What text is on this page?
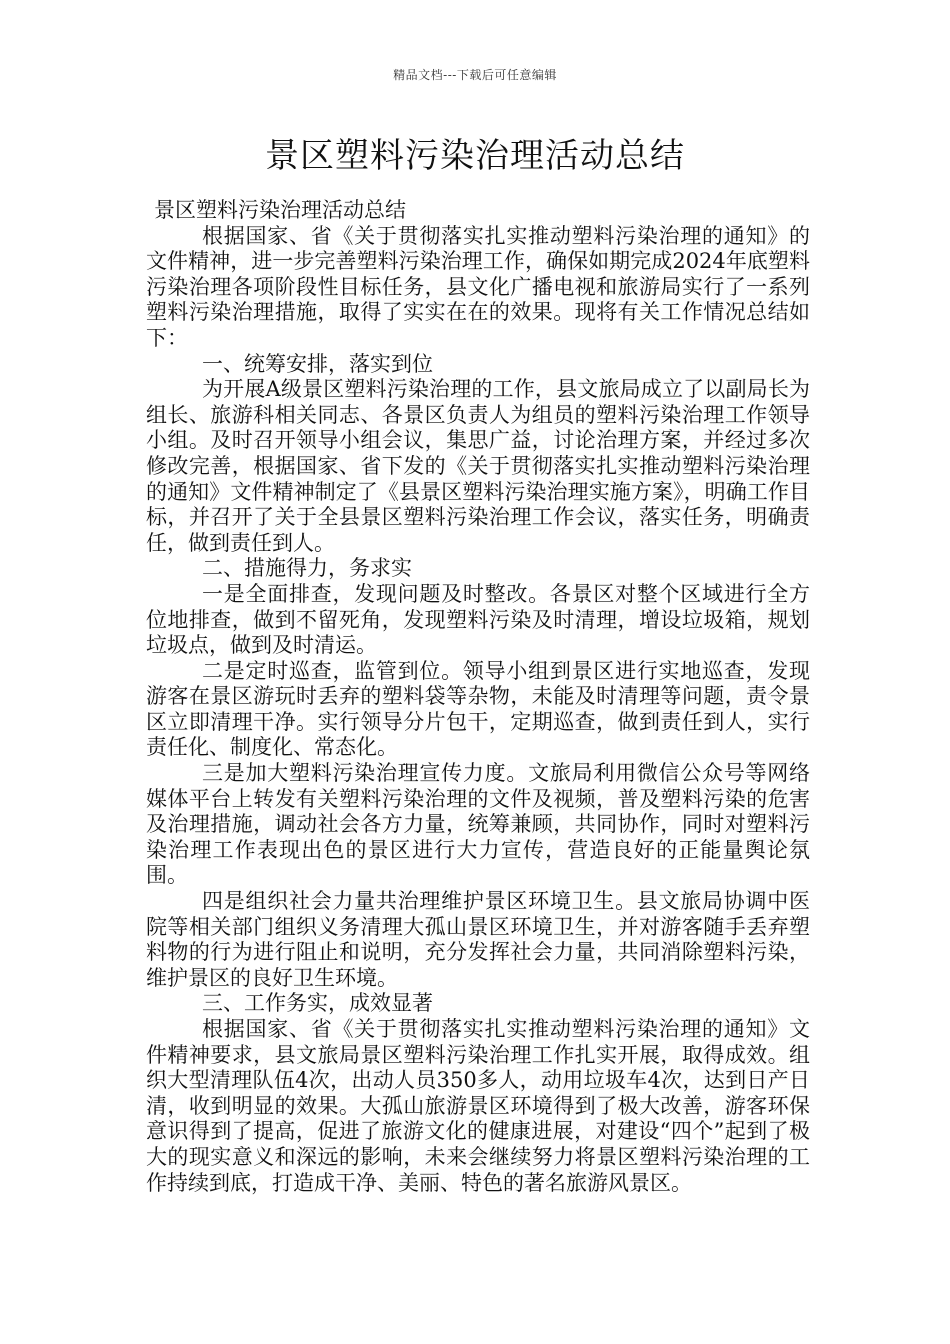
精品文档---下载后可任意编辑
景区塑料污染治理活动总结

景区塑料污染治理活动总结

根据国家、省《关于贯彻落实扎实推动塑料污染治理的通知》的文件精神，进一步完善塑料污染治理工作，确保如期完成2024年底塑料污染治理各项阶段性目标任务，县文化广播电视和旅游局实行了一系列塑料污染治理措施，取得了实实在在的效果。现将有关工作情况总结如下：

一、统筹安排，落实到位

为开展A级景区塑料污染治理的工作，县文旅局成立了以副局长为组长、旅游科相关同志、各景区负责人为组员的塑料污染治理工作领导小组。及时召开领导小组会议，集思广益，讨论治理方案，并经过多次修改完善，根据国家、省下发的《关于贯彻落实扎实推动塑料污染治理的通知》文件精神制定了《县景区塑料污染治理实施方案》，明确工作目标，并召开了关于全县景区塑料污染治理工作会议，落实任务，明确责任，做到责任到人。

二、措施得力，务求实

一是全面排查，发现问题及时整改。各景区对整个区域进行全方位地排查，做到不留死角，发现塑料污染及时清理，增设垃圾箱，规划垃圾点，做到及时清运。

二是定时巡查，监管到位。领导小组到景区进行实地巡查，发现游客在景区游玩时丢弃的塑料袋等杂物，未能及时清理等问题，责令景区立即清理干净。实行领导分片包干，定期巡查，做到责任到人，实行责任化、制度化、常态化。

三是加大塑料污染治理宣传力度。文旅局利用微信公众号等网络媒体平台上转发有关塑料污染治理的文件及视频，普及塑料污染的危害及治理措施，调动社会各方力量，统筹兼顾，共同协作，同时对塑料污染治理工作表现出色的景区进行大力宣传，营造良好的正能量舆论氛围。

四是组织社会力量共治理维护景区环境卫生。县文旅局协调中医院等相关部门组织义务清理大孤山景区环境卫生，并对游客随手丢弃塑料物的行为进行阻止和说明，充分发挥社会力量，共同消除塑料污染，维护景区的良好卫生环境。

三、工作务实，成效显著

根据国家、省《关于贯彻落实扎实推动塑料污染治理的通知》文件精神要求，县文旅局景区塑料污染治理工作扎实开展，取得成效。组织大型清理队伍4次，出动人员350多人，动用垃圾车4次，达到日产日清，收到明显的效果。大孤山旅游景区环境得到了极大改善，游客环保意识得到了提高，促进了旅游文化的健康进展，对建设“四个”起到了极大的现实意义和深远的影响，未来会继续努力将景区塑料污染治理的工作持续到底，打造成干净、美丽、特色的著名旅游风景区。
